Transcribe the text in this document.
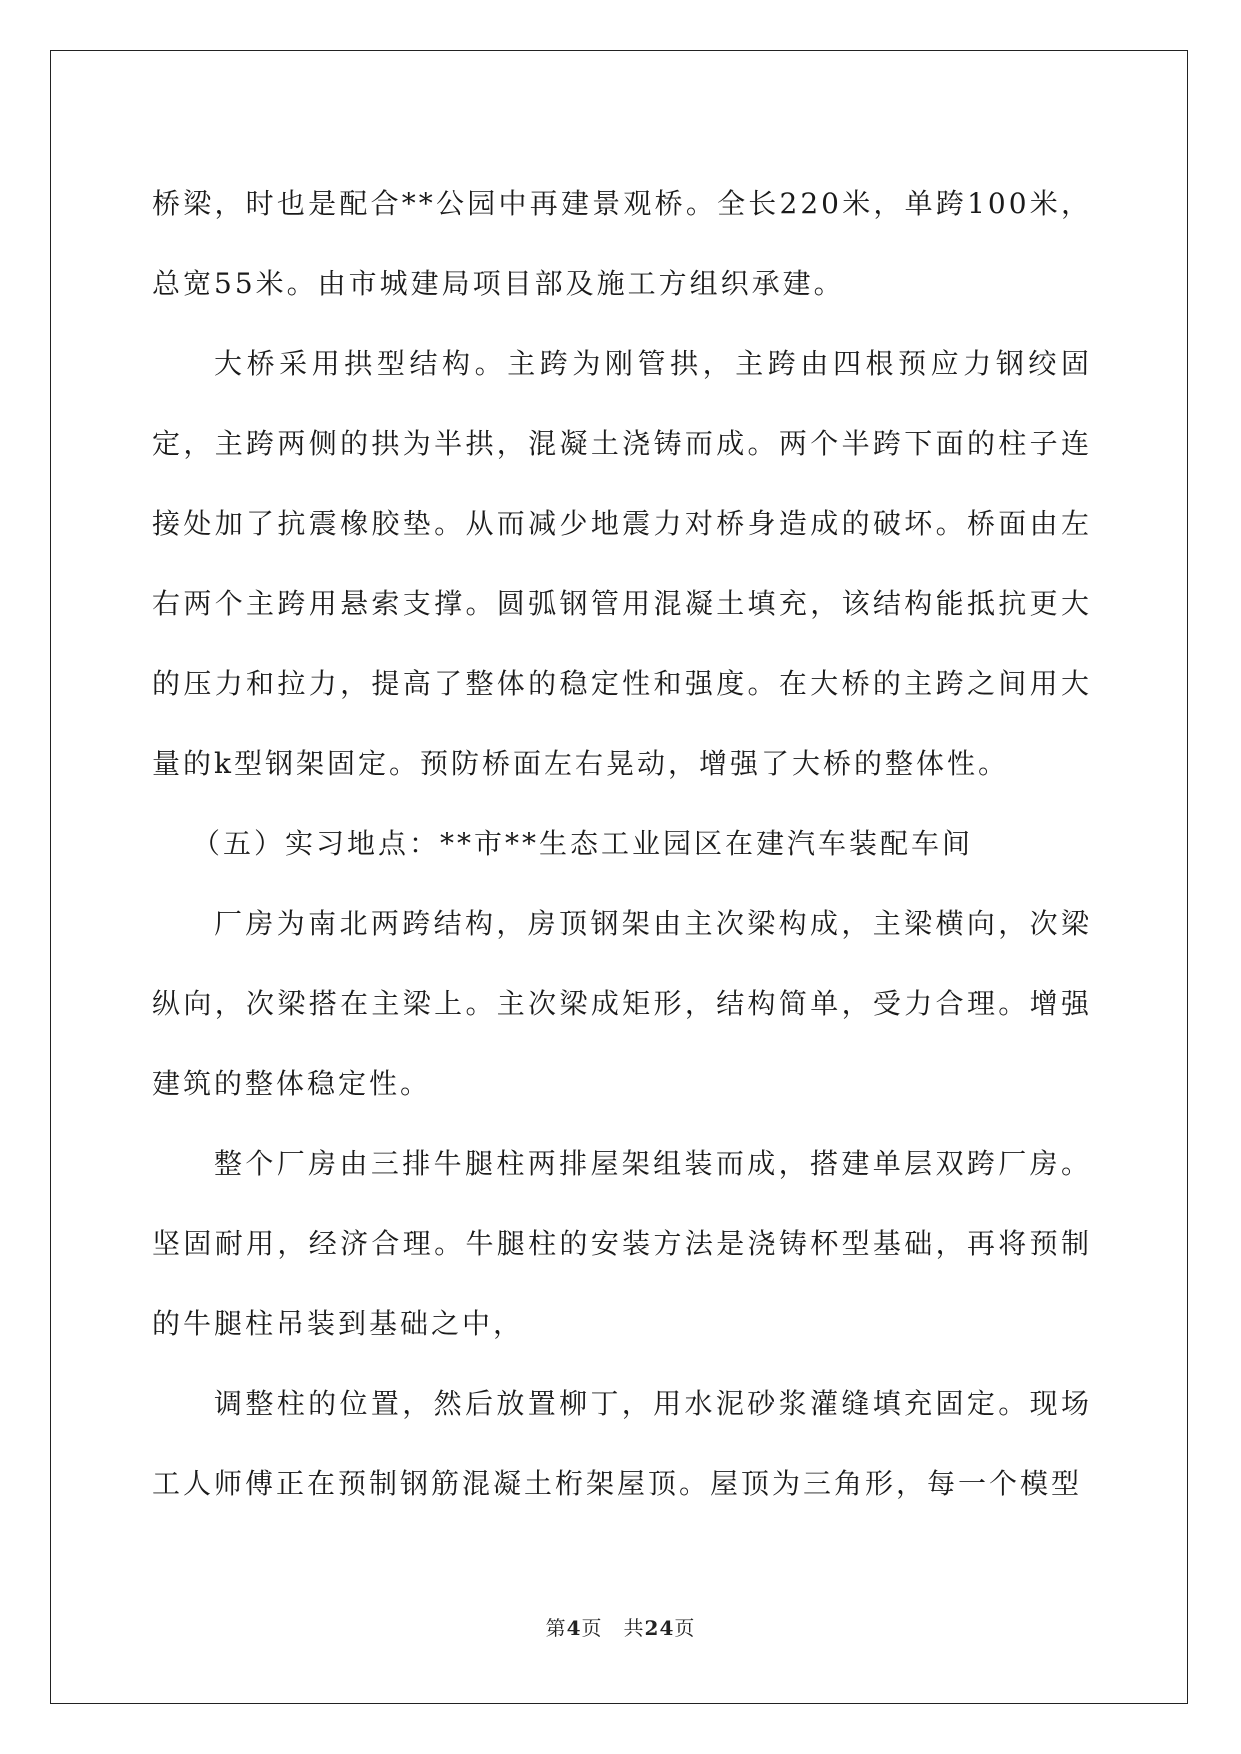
桥梁，时也是配合**公园中再建景观桥。全长220米，单跨100米，总宽55米。由市城建局项目部及施工方组织承建。

大桥采用拱型结构。主跨为刚管拱，主跨由四根预应力钢绞固定，主跨两侧的拱为半拱，混凝土浇铸而成。两个半跨下面的柱子连接处加了抗震橡胶垫。从而减少地震力对桥身造成的破坏。桥面由左右两个主跨用悬索支撑。圆弧钢管用混凝土填充，该结构能抵抗更大的压力和拉力，提高了整体的稳定性和强度。在大桥的主跨之间用大量的k型钢架固定。预防桥面左右晃动，增强了大桥的整体性。

（五）实习地点：**市**生态工业园区在建汽车装配车间

厂房为南北两跨结构，房顶钢架由主次梁构成，主梁横向，次梁纵向，次梁搭在主梁上。主次梁成矩形，结构简单，受力合理。增强建筑的整体稳定性。

整个厂房由三排牛腿柱两排屋架组装而成，搭建单层双跨厂房。坚固耐用，经济合理。牛腿柱的安装方法是浇铸杯型基础，再将预制的牛腿柱吊装到基础之中，

调整柱的位置，然后放置柳丁，用水泥砂浆灌缝填充固定。现场工人师傅正在预制钢筋混凝土桁架屋顶。屋顶为三角形，每一个模型

第4页  共24页
